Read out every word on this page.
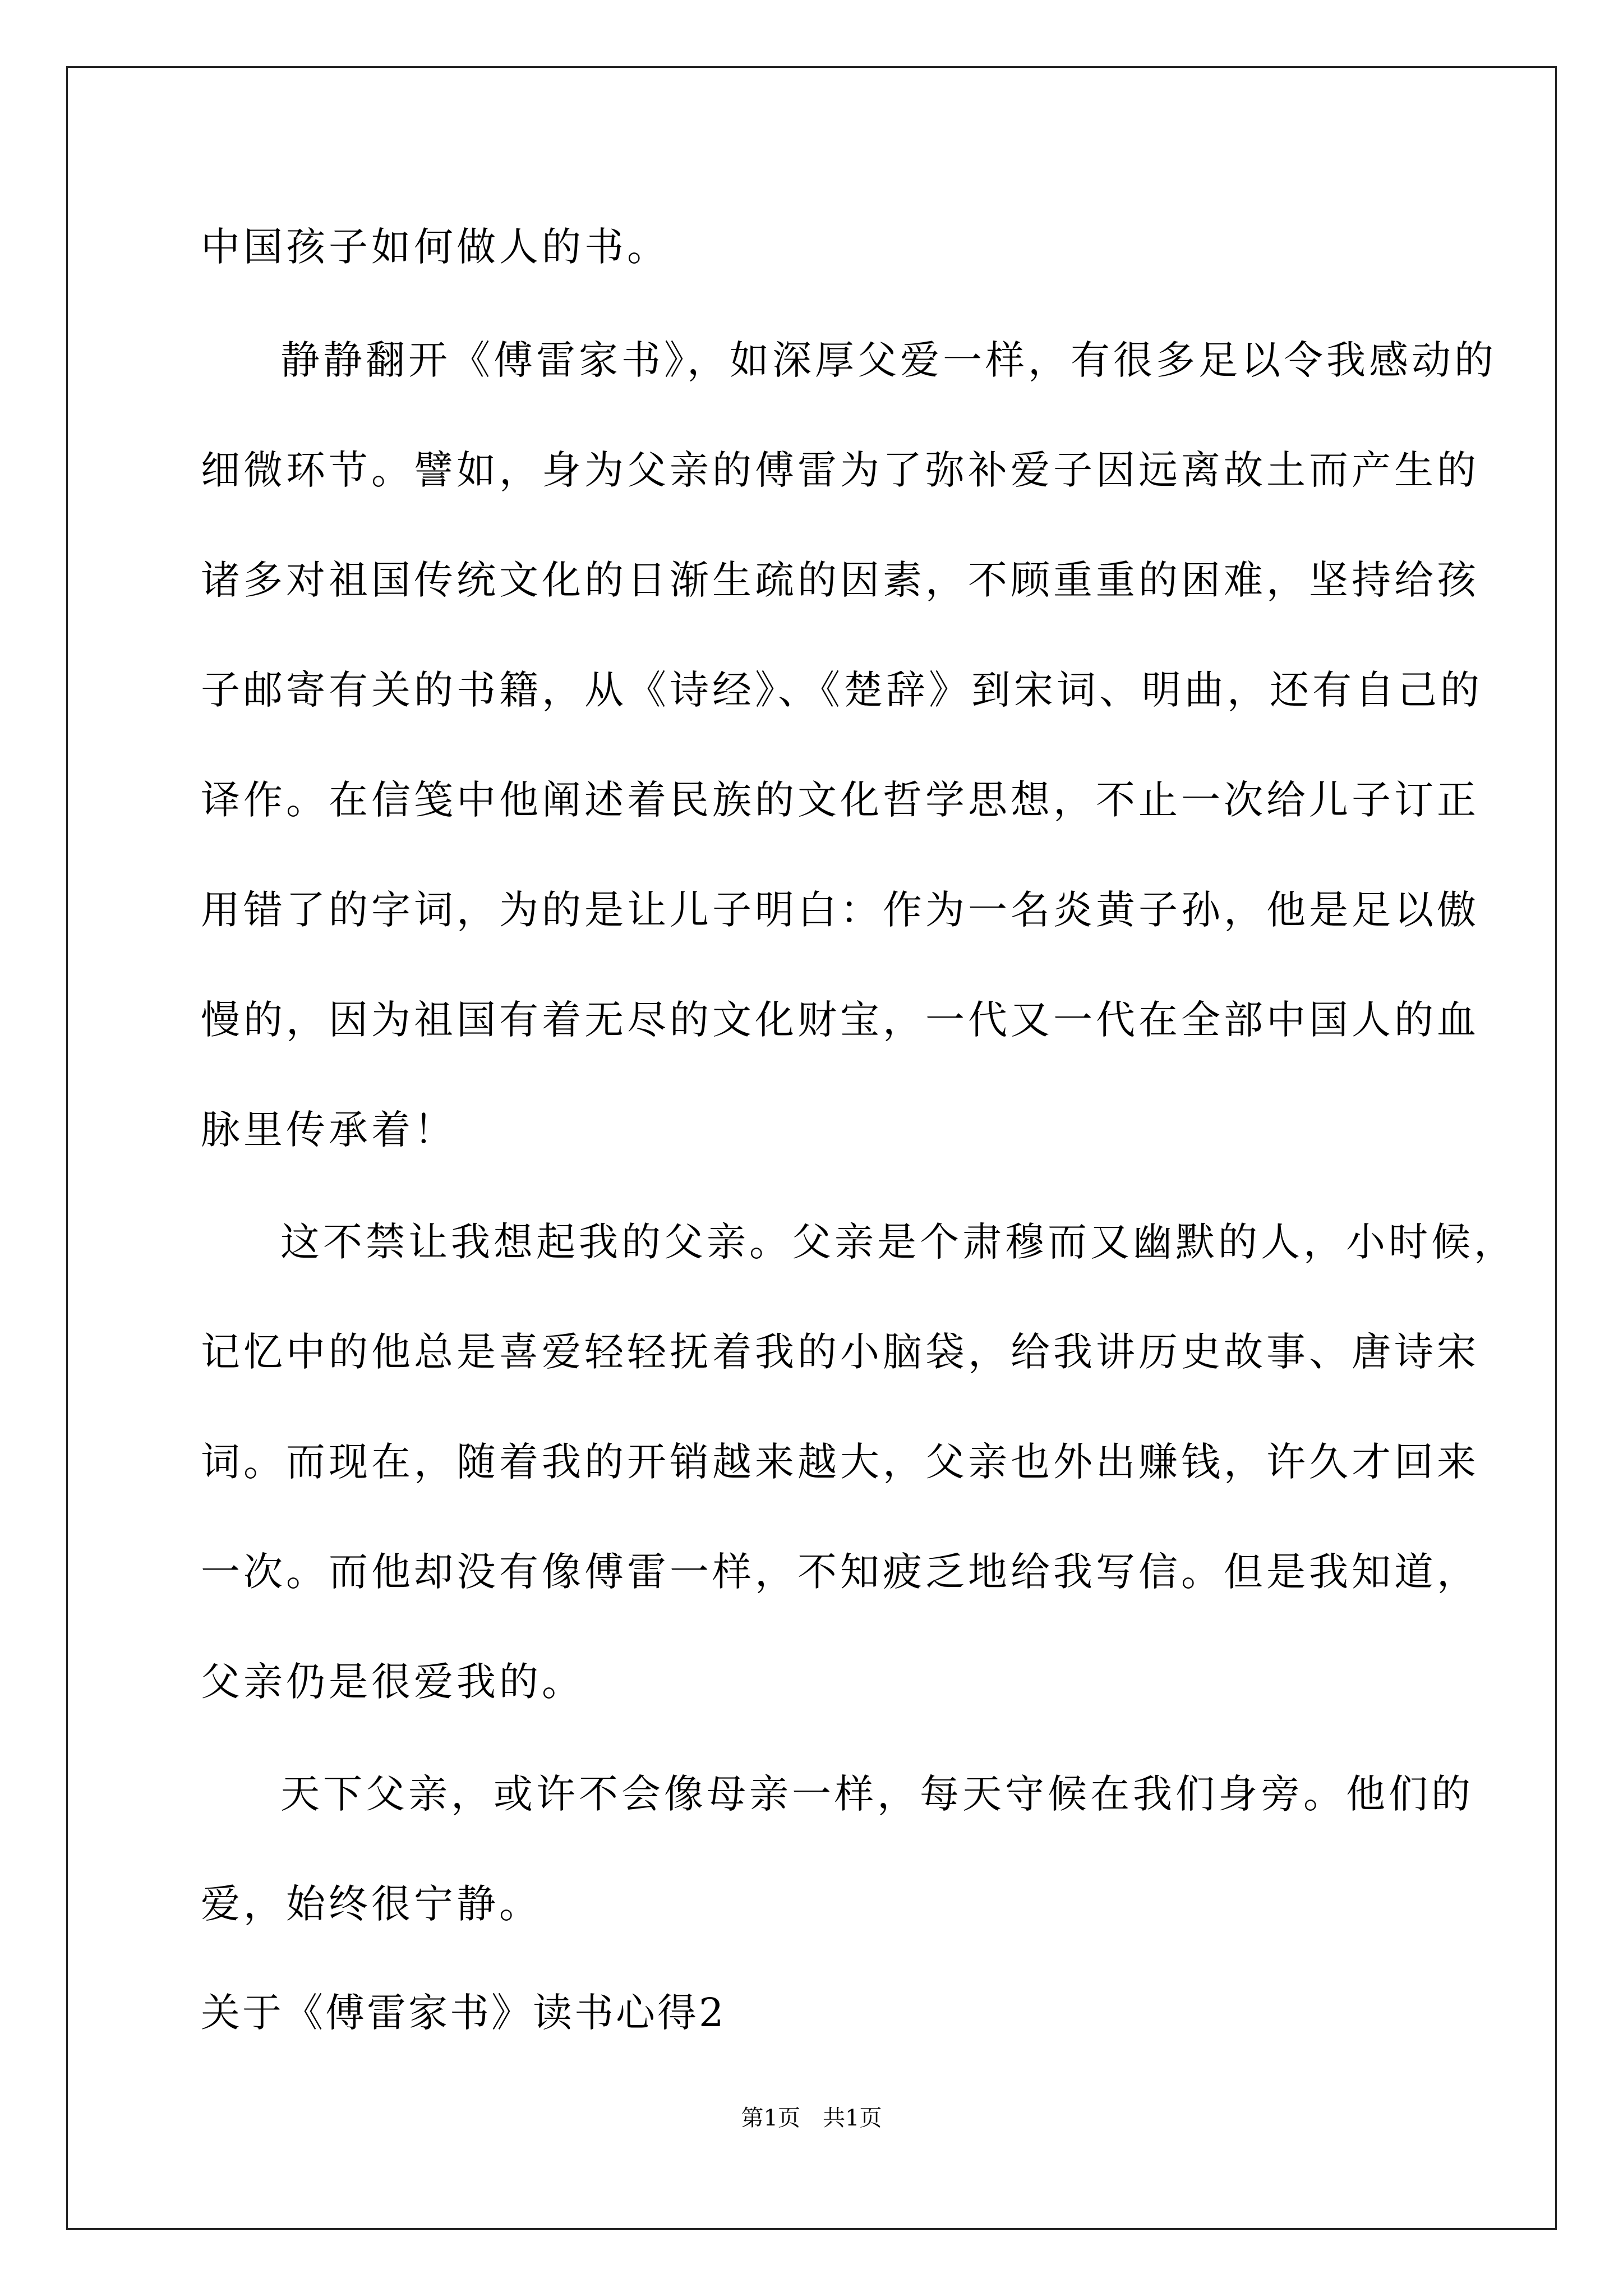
中国孩子如何做人的书。

静静翻开《傅雷家书》，如深厚父爱一样，有很多足以令我感动的

细微环节。譬如，身为父亲的傅雷为了弥补爱子因远离故土而产生的

诸多对祖国传统文化的日渐生疏的因素，不顾重重的困难，坚持给孩

子邮寄有关的书籍，从《诗经》、《楚辞》到宋词、明曲，还有自己的

译作。在信笺中他阐述着民族的文化哲学思想，不止一次给儿子订正

用错了的字词，为的是让儿子明白：作为一名炎黄子孙，他是足以傲

慢的，因为祖国有着无尽的文化财宝，一代又一代在全部中国人的血

脉里传承着！

这不禁让我想起我的父亲。父亲是个肃穆而又幽默的人，小时候，

记忆中的他总是喜爱轻轻抚着我的小脑袋，给我讲历史故事、唐诗宋

词。而现在，随着我的开销越来越大，父亲也外出赚钱，许久才回来

一次。而他却没有像傅雷一样，不知疲乏地给我写信。但是我知道，

父亲仍是很爱我的。

天下父亲，或许不会像母亲一样，每天守候在我们身旁。他们的

爱，始终很宁静。

关于《傅雷家书》读书心得2

第1页　共1页
